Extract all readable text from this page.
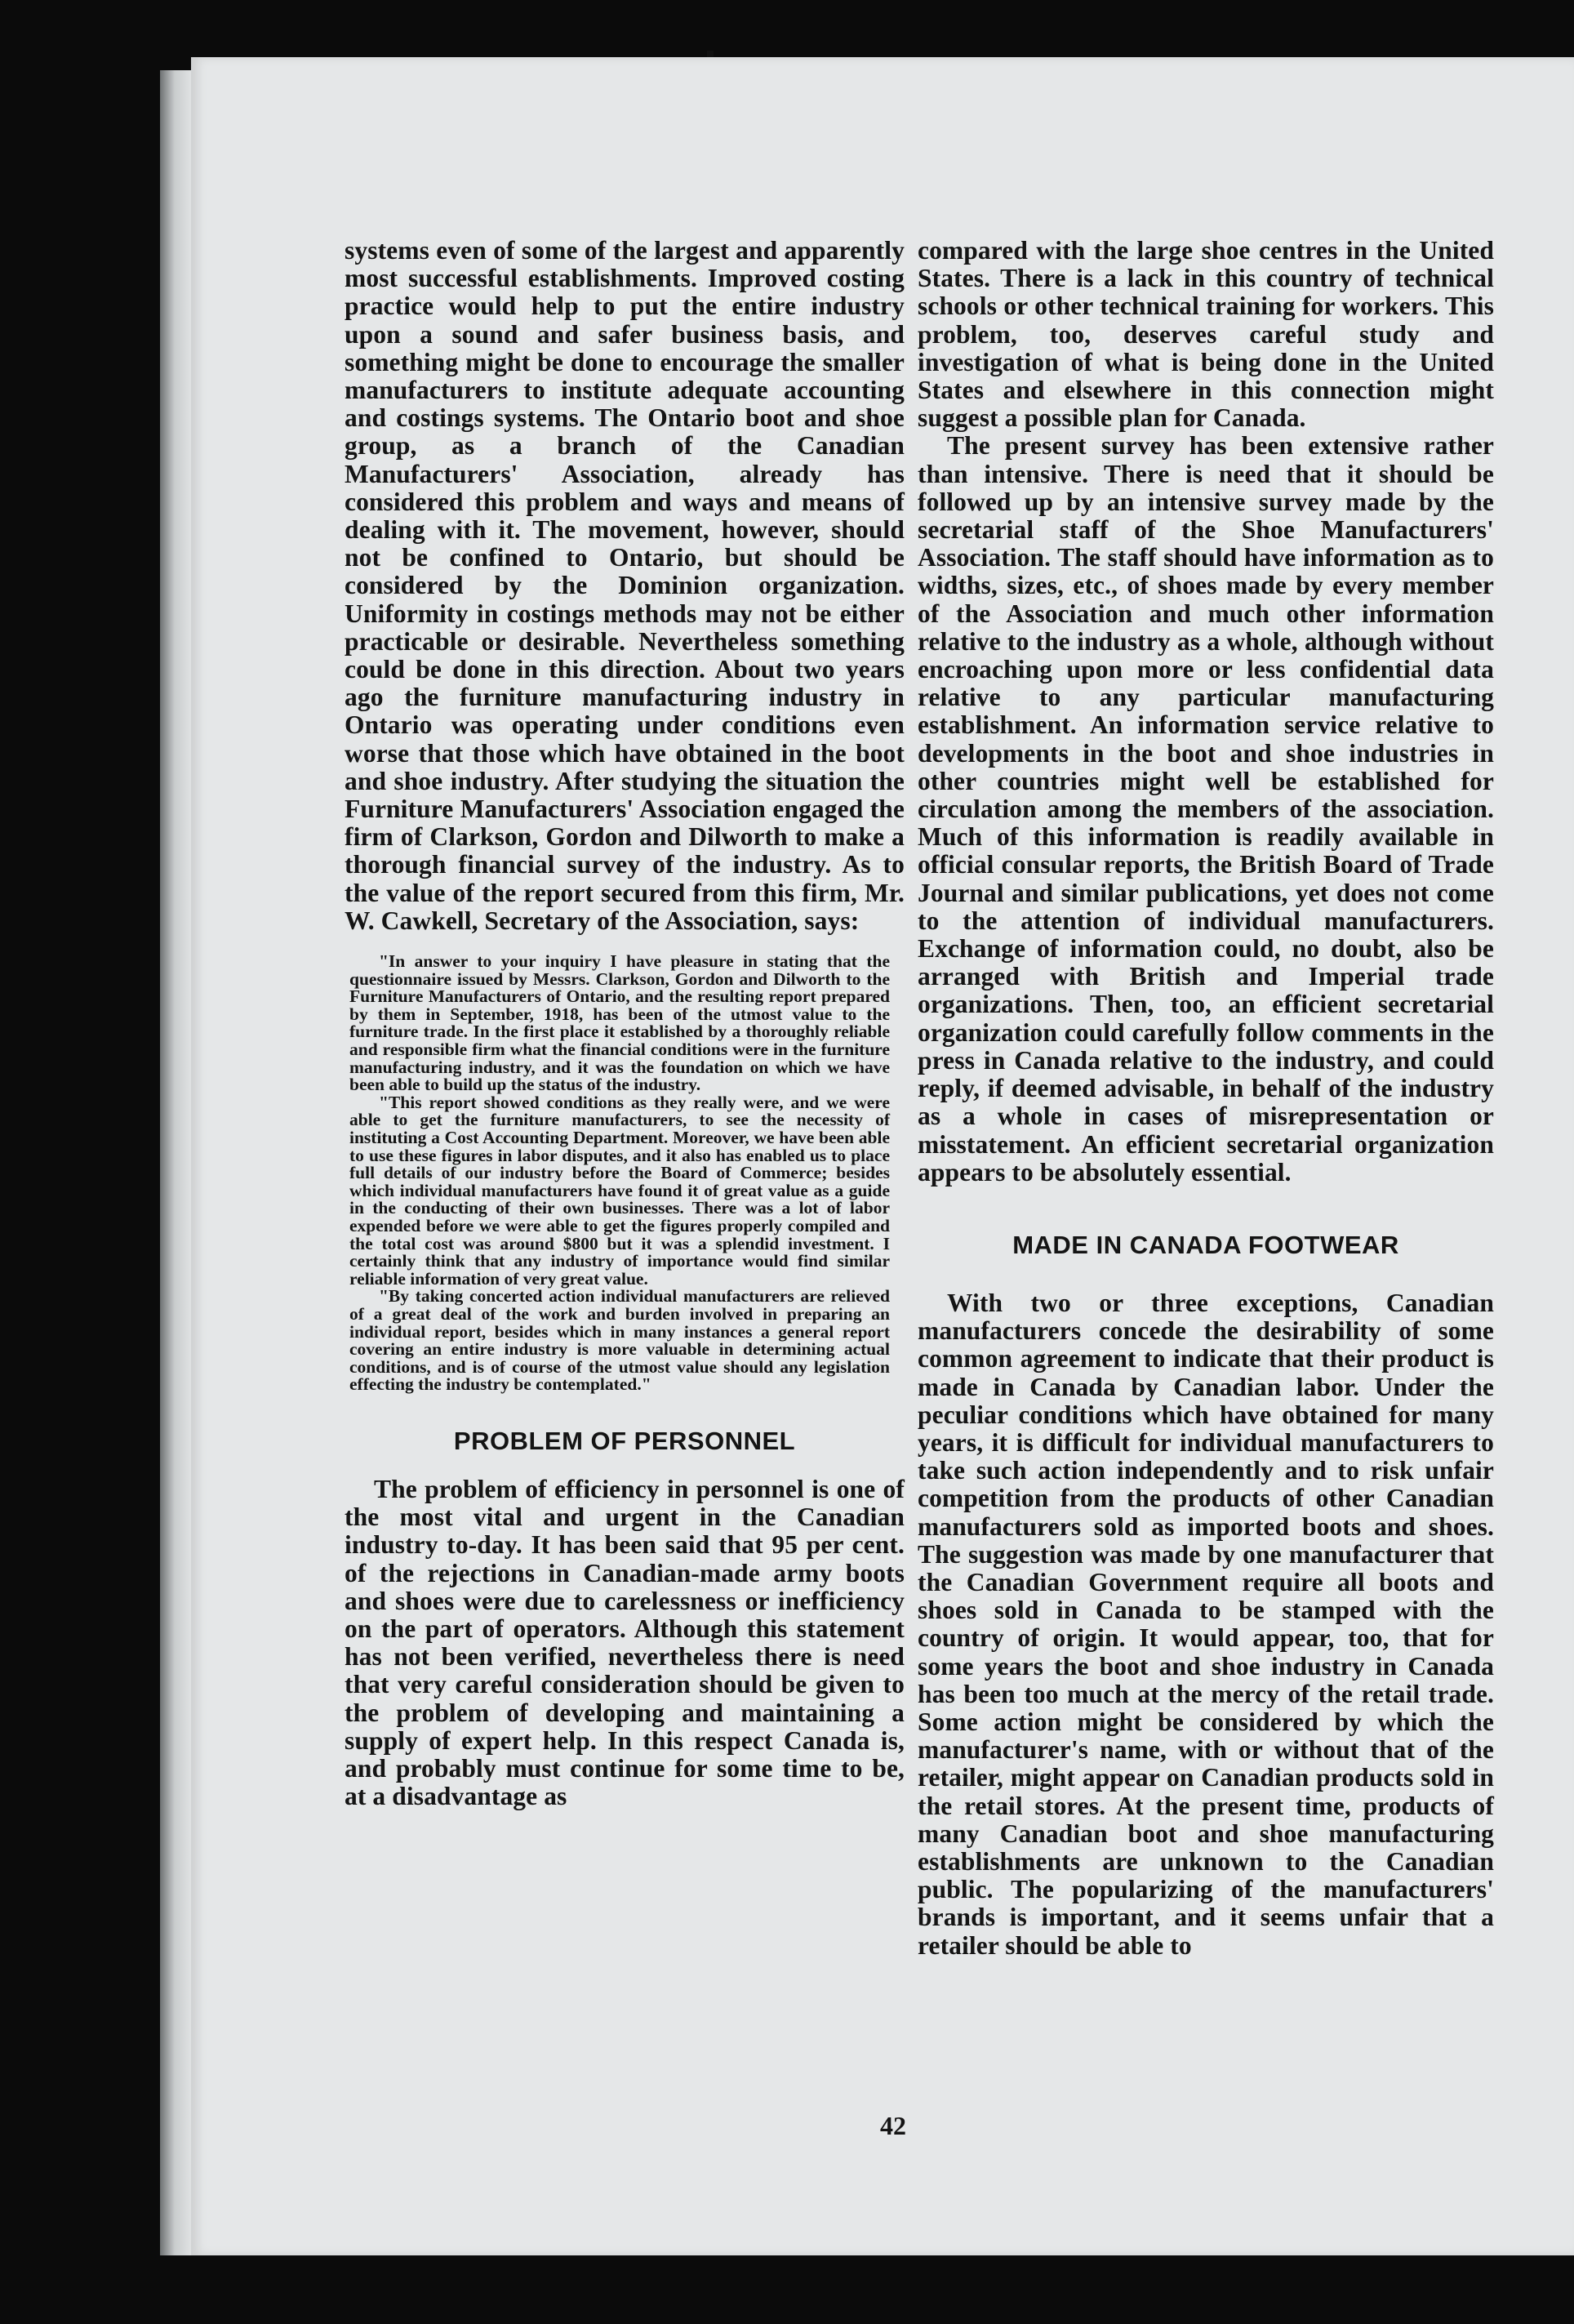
systems even of some of the largest and apparently most successful establishments. Improved costing practice would help to put the entire industry upon a sound and safer business basis, and something might be done to encourage the smaller manufacturers to institute adequate accounting and costings systems. The Ontario boot and shoe group, as a branch of the Canadian Manufacturers' Association, already has considered this problem and ways and means of dealing with it. The movement, however, should not be confined to Ontario, but should be considered by the Dominion organization. Uniformity in costings methods may not be either practicable or desirable. Nevertheless something could be done in this direction. About two years ago the furniture manufacturing industry in Ontario was operating under conditions even worse that those which have obtained in the boot and shoe industry. After studying the situation the Furniture Manufacturers' Association engaged the firm of Clarkson, Gordon and Dilworth to make a thorough financial survey of the industry. As to the value of the report secured from this firm, Mr. W. Cawkell, Secretary of the Association, says:

"In answer to your inquiry I have pleasure in stating that the questionnaire issued by Messrs. Clarkson, Gordon and Dilworth to the Furniture Manufacturers of Ontario, and the resulting report prepared by them in September, 1918, has been of the utmost value to the furniture trade. In the first place it established by a thoroughly reliable and responsible firm what the financial conditions were in the furniture manufacturing industry, and it was the foundation on which we have been able to build up the status of the industry.

"This report showed conditions as they really were, and we were able to get the furniture manufacturers, to see the necessity of instituting a Cost Accounting Department. Moreover, we have been able to use these figures in labor disputes, and it also has enabled us to place full details of our industry before the Board of Commerce; besides which individual manufacturers have found it of great value as a guide in the conducting of their own businesses. There was a lot of labor expended before we were able to get the figures properly compiled and the total cost was around $800 but it was a splendid investment. I certainly think that any industry of importance would find similar reliable information of very great value.

"By taking concerted action individual manufacturers are relieved of a great deal of the work and burden involved in preparing an individual report, besides which in many instances a general report covering an entire industry is more valuable in determining actual conditions, and is of course of the utmost value should any legislation effecting the industry be contemplated."

PROBLEM OF PERSONNEL

The problem of efficiency in personnel is one of the most vital and urgent in the Canadian industry to-day. It has been said that 95 per cent. of the rejections in Canadian-made army boots and shoes were due to carelessness or inefficiency on the part of operators. Although this statement has not been verified, nevertheless there is need that very careful consideration should be given to the problem of developing and maintaining a supply of expert help. In this respect Canada is, and probably must continue for some time to be, at a disadvantage as

compared with the large shoe centres in the United States. There is a lack in this country of technical schools or other technical training for workers. This problem, too, deserves careful study and investigation of what is being done in the United States and elsewhere in this connection might suggest a possible plan for Canada.

The present survey has been extensive rather than intensive. There is need that it should be followed up by an intensive survey made by the secretarial staff of the Shoe Manufacturers' Association. The staff should have information as to widths, sizes, etc., of shoes made by every member of the Association and much other information relative to the industry as a whole, although without encroaching upon more or less confidential data relative to any particular manufacturing establishment. An information service relative to developments in the boot and shoe industries in other countries might well be established for circulation among the members of the association. Much of this information is readily available in official consular reports, the British Board of Trade Journal and similar publications, yet does not come to the attention of individual manufacturers. Exchange of information could, no doubt, also be arranged with British and Imperial trade organizations. Then, too, an efficient secretarial organization could carefully follow comments in the press in Canada relative to the industry, and could reply, if deemed advisable, in behalf of the industry as a whole in cases of misrepresentation or misstatement. An efficient secretarial organization appears to be absolutely essential.

MADE IN CANADA FOOTWEAR

With two or three exceptions, Canadian manufacturers concede the desirability of some common agreement to indicate that their product is made in Canada by Canadian labor. Under the peculiar conditions which have obtained for many years, it is difficult for individual manufacturers to take such action independently and to risk unfair competition from the products of other Canadian manufacturers sold as imported boots and shoes. The suggestion was made by one manufacturer that the Canadian Government require all boots and shoes sold in Canada to be stamped with the country of origin. It would appear, too, that for some years the boot and shoe industry in Canada has been too much at the mercy of the retail trade. Some action might be considered by which the manufacturer's name, with or without that of the retailer, might appear on Canadian products sold in the retail stores. At the present time, products of many Canadian boot and shoe manufacturing establishments are unknown to the Canadian public. The popularizing of the manufacturers' brands is important, and it seems unfair that a retailer should be able to

42
